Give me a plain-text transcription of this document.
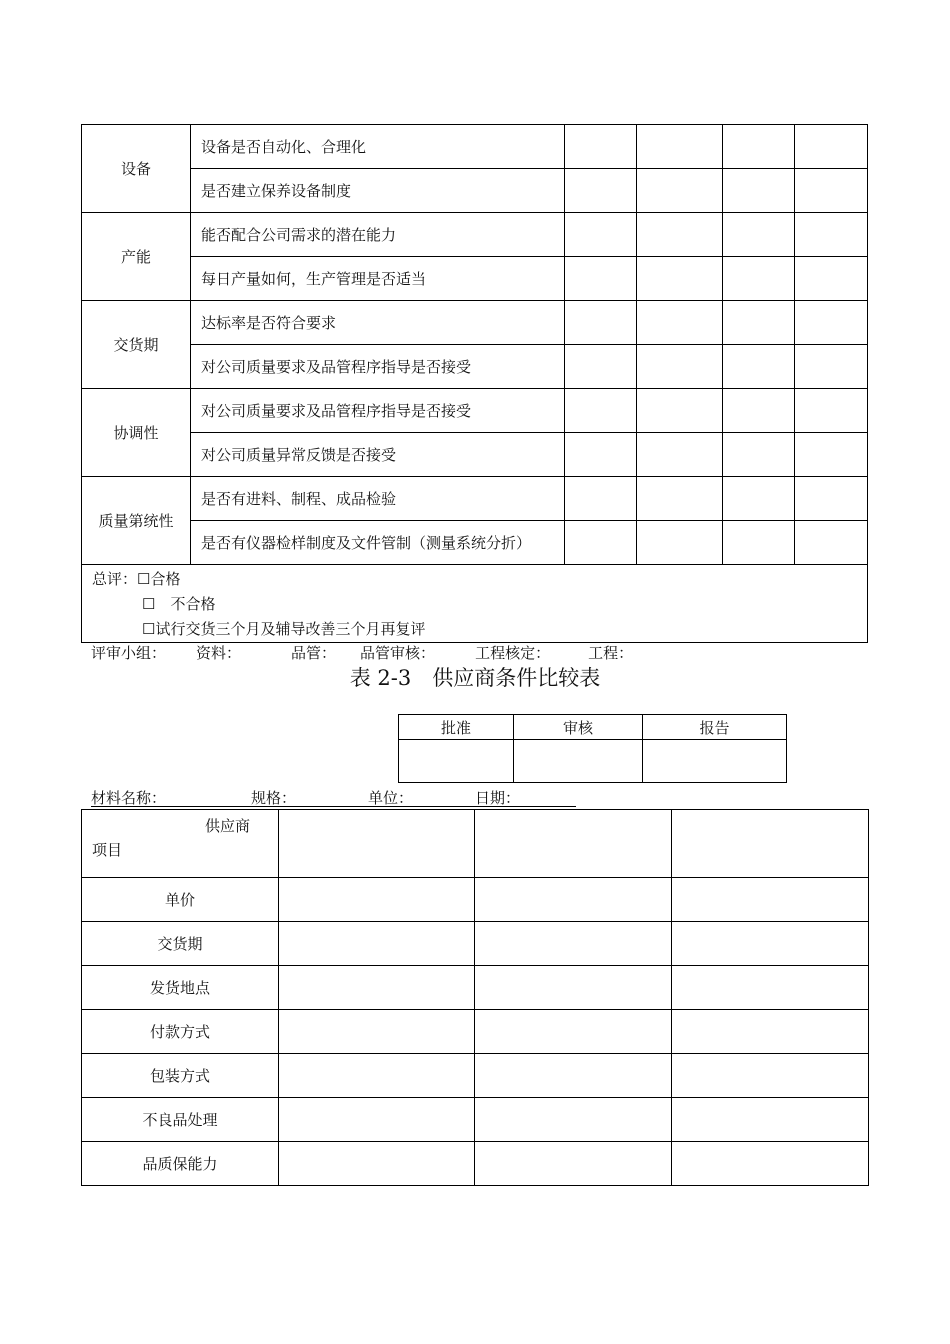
设备	设备是否自动化、合理化				
	是否建立保养设备制度				
产能	能否配合公司需求的潜在能力				
	每日产量如何，生产管理是否适当				
交货期	达标率是否符合要求				
	对公司质量要求及品管程序指导是否接受				
协调性	对公司质量要求及品管程序指导是否接受				
	对公司质量异常反馈是否接受				
质量第统性	是否有进料、制程、成品检验				
	是否有仪器检样制度及文件管制（测量系统分折）				

总评：☐合格
☐　不合格
☐试行交货三个月及辅导改善三个月再复评					
评审小组： 资料：	品管： 品管审核：	工程核定：	工程：
表 2-3　供应商条件比较表
批准	审核	报告

材料名称：	规格：	单位：	日期：
供应商
项目			

单价			
交货期			
发货地点			
付款方式			
包装方式			
不良品处理			
品质保能力			
